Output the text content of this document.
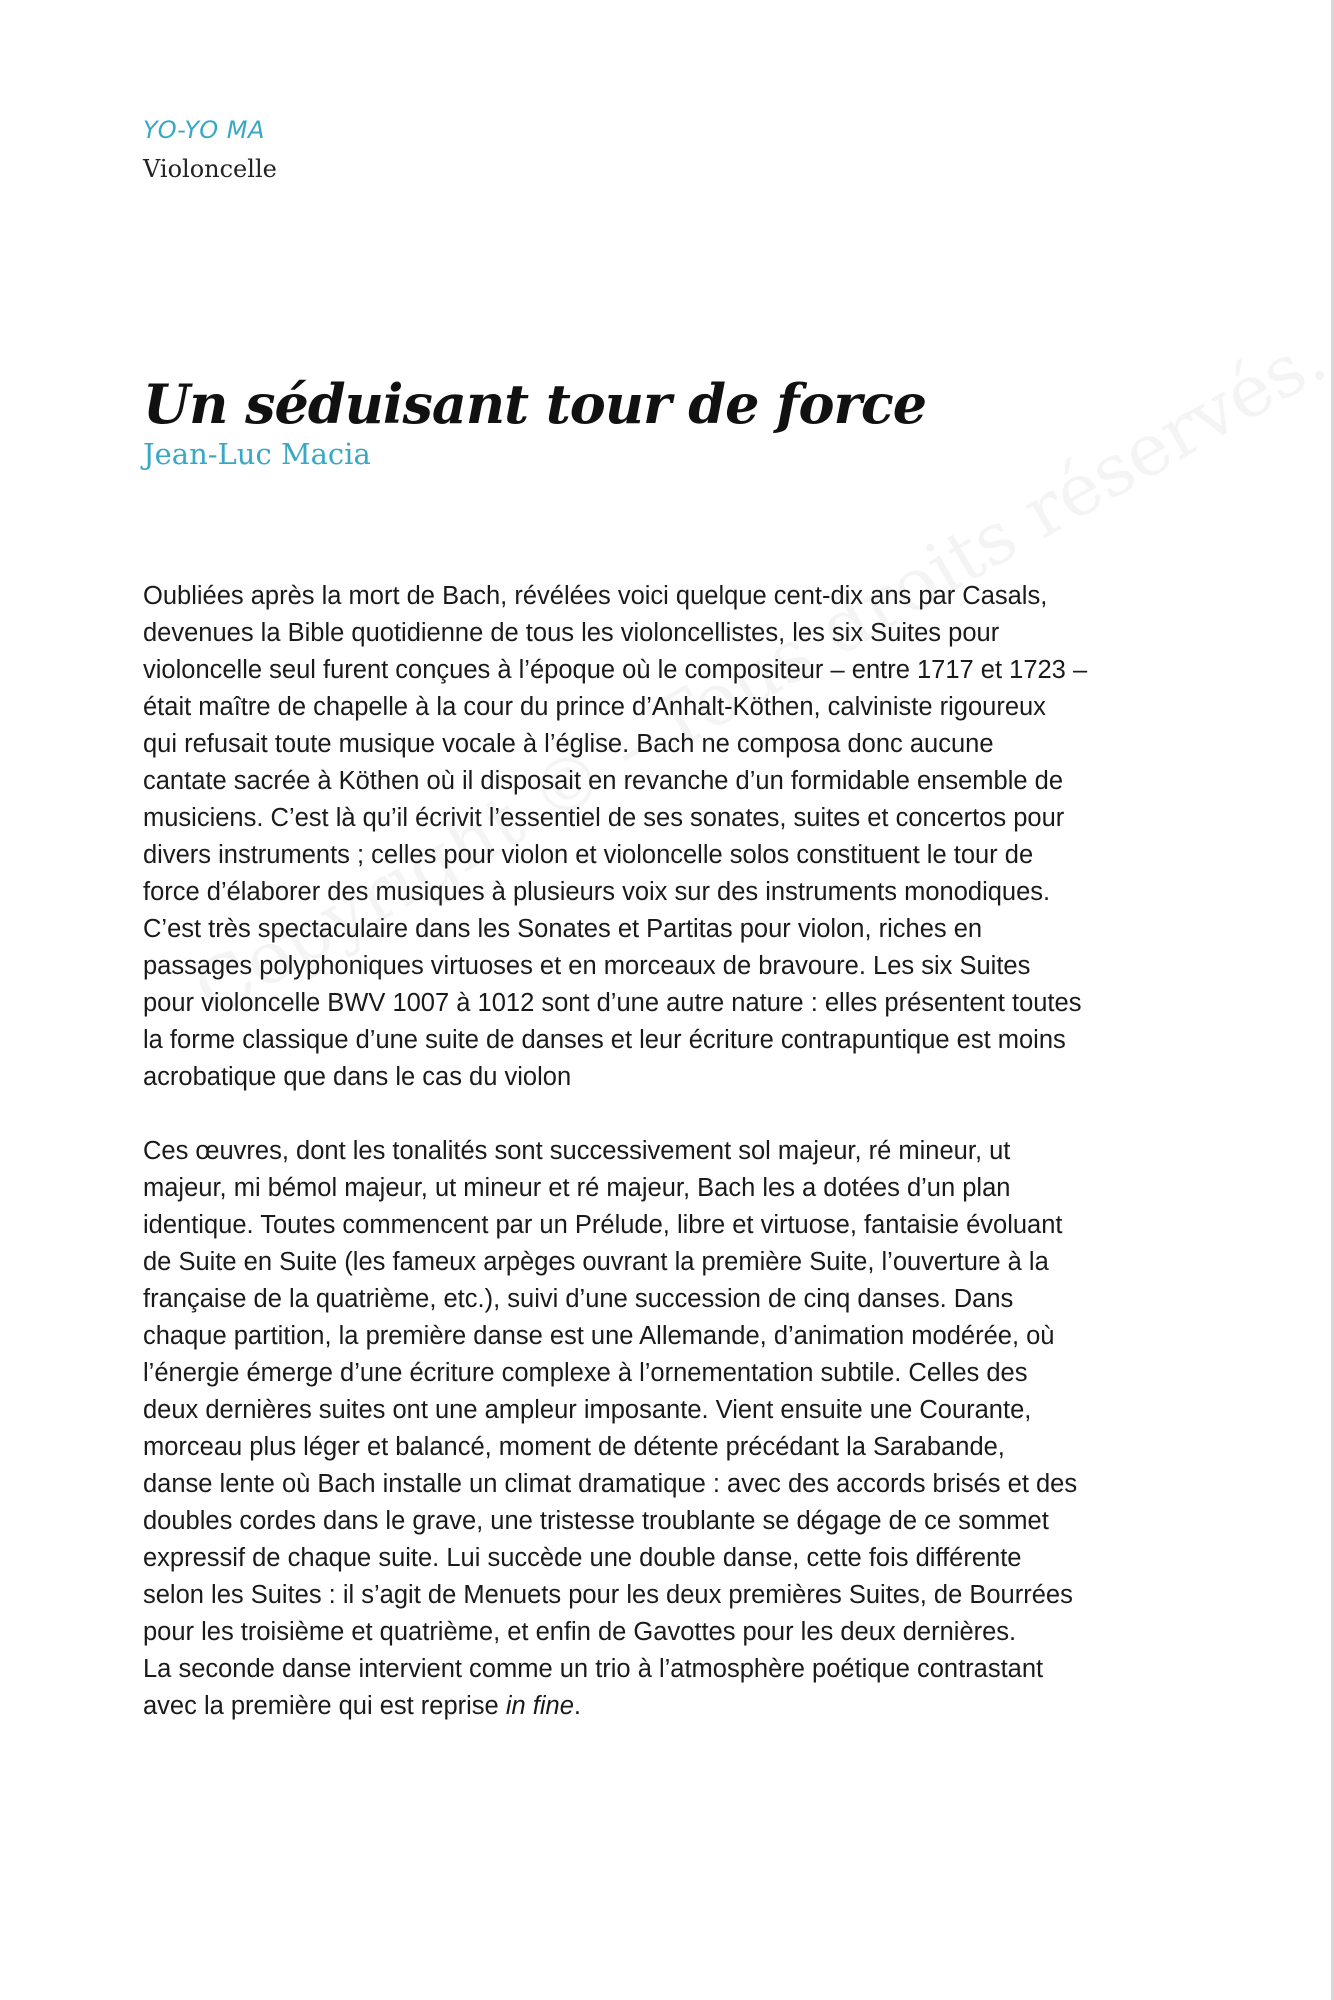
YO-YO MA

Violoncelle

Un séduisant tour de force

Jean-Luc Macia

Oubliées après la mort de Bach, révélées voici quelque cent-dix ans par Casals,
devenues la Bible quotidienne de tous les violoncellistes, les six Suites pour
violoncelle seul furent conçues à l’époque où le compositeur – entre 1717 et 1723 –
était maître de chapelle à la cour du prince d’Anhalt-Köthen, calviniste rigoureux
qui refusait toute musique vocale à l’église. Bach ne composa donc aucune
cantate sacrée à Köthen où il disposait en revanche d’un formidable ensemble de
musiciens. C’est là qu’il écrivit l’essentiel de ses sonates, suites et concertos pour
divers instruments ; celles pour violon et violoncelle solos constituent le tour de
force d’élaborer des musiques à plusieurs voix sur des instruments monodiques.
C’est très spectaculaire dans les Sonates et Partitas pour violon, riches en
passages polyphoniques virtuoses et en morceaux de bravoure. Les six Suites
pour violoncelle BWV 1007 à 1012 sont d’une autre nature : elles présentent toutes
la forme classique d’une suite de danses et leur écriture contrapuntique est moins
acrobatique que dans le cas du violon

Ces œuvres, dont les tonalités sont successivement sol majeur, ré mineur, ut
majeur, mi bémol majeur, ut mineur et ré majeur, Bach les a dotées d’un plan
identique. Toutes commencent par un Prélude, libre et virtuose, fantaisie évoluant
de Suite en Suite (les fameux arpèges ouvrant la première Suite, l’ouverture à la
française de la quatrième, etc.), suivi d’une succession de cinq danses. Dans
chaque partition, la première danse est une Allemande, d’animation modérée, où
l’énergie émerge d’une écriture complexe à l’ornementation subtile. Celles des
deux dernières suites ont une ampleur imposante. Vient ensuite une Courante,
morceau plus léger et balancé, moment de détente précédant la Sarabande,
danse lente où Bach installe un climat dramatique : avec des accords brisés et des
doubles cordes dans le grave, une tristesse troublante se dégage de ce sommet
expressif de chaque suite. Lui succède une double danse, cette fois différente
selon les Suites : il s’agit de Menuets pour les deux premières Suites, de Bourrées
pour les troisième et quatrième, et enfin de Gavottes pour les deux dernières.
La seconde danse intervient comme un trio à l’atmosphère poétique contrastant
avec la première qui est reprise in fine.
